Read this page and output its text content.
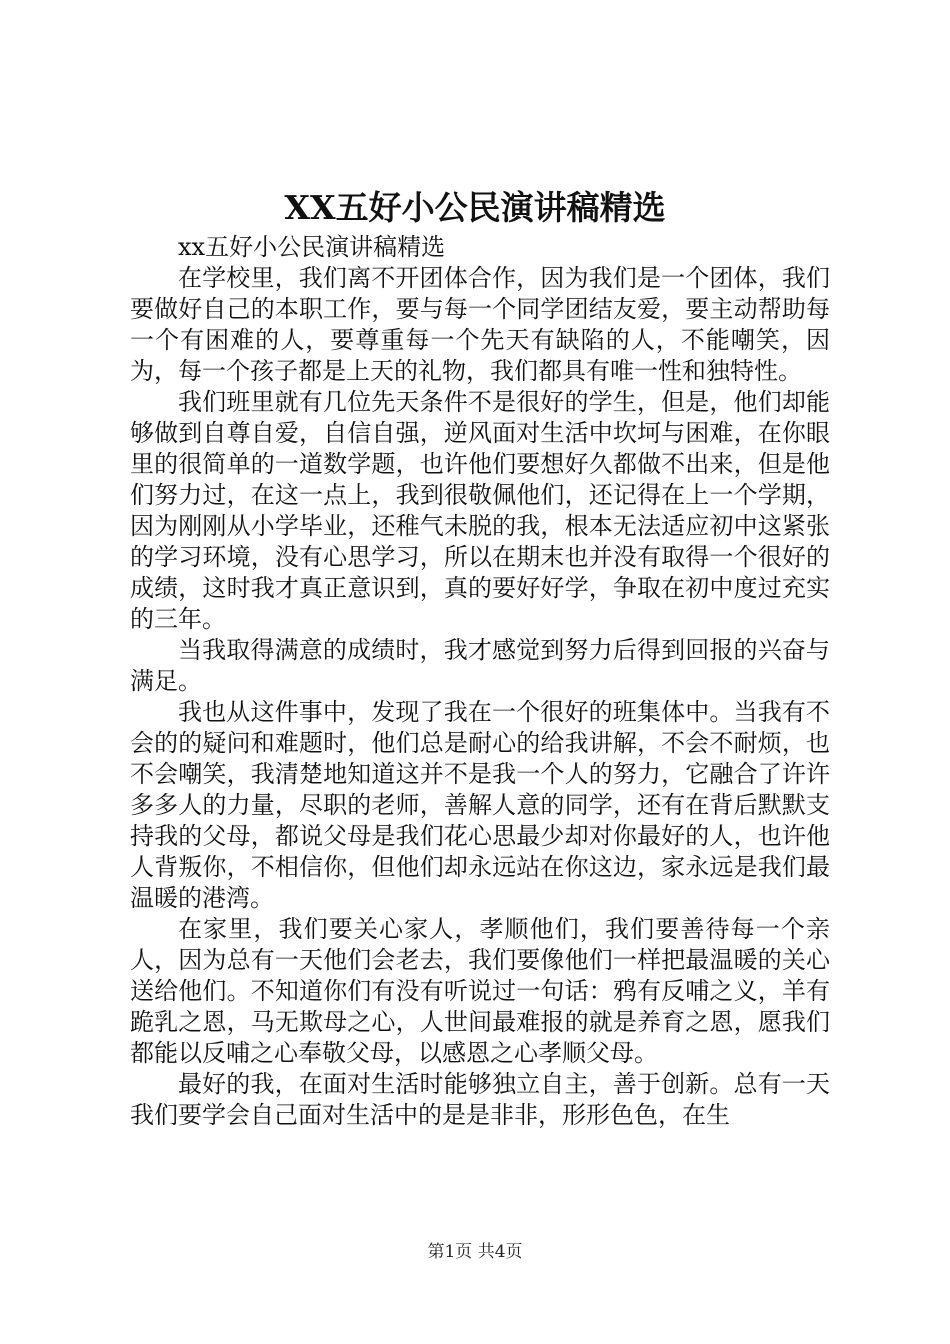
XX五好小公民演讲稿精选

xx五好小公民演讲稿精选

在学校里，我们离不开团体合作，因为我们是一个团体，我们要做好自己的本职工作，要与每一个同学团结友爱，要主动帮助每一个有困难的人，要尊重每一个先天有缺陷的人，不能嘲笑，因为，每一个孩子都是上天的礼物，我们都具有唯一性和独特性。

我们班里就有几位先天条件不是很好的学生，但是，他们却能够做到自尊自爱，自信自强，逆风面对生活中坎坷与困难，在你眼里的很简单的一道数学题，也许他们要想好久都做不出来，但是他们努力过，在这一点上，我到很敬佩他们，还记得在上一个学期，因为刚刚从小学毕业，还稚气未脱的我，根本无法适应初中这紧张的学习环境，没有心思学习，所以在期末也并没有取得一个很好的成绩，这时我才真正意识到，真的要好好学，争取在初中度过充实的三年。

当我取得满意的成绩时，我才感觉到努力后得到回报的兴奋与满足。

我也从这件事中，发现了我在一个很好的班集体中。当我有不会的的疑问和难题时，他们总是耐心的给我讲解，不会不耐烦，也不会嘲笑，我清楚地知道这并不是我一个人的努力，它融合了许许多多人的力量，尽职的老师，善解人意的同学，还有在背后默默支持我的父母，都说父母是我们花心思最少却对你最好的人，也许他人背叛你，不相信你，但他们却永远站在你这边，家永远是我们最温暖的港湾。

在家里，我们要关心家人，孝顺他们，我们要善待每一个亲人，因为总有一天他们会老去，我们要像他们一样把最温暖的关心送给他们。不知道你们有没有听说过一句话：鸦有反哺之义，羊有跪乳之恩，马无欺母之心，人世间最难报的就是养育之恩，愿我们都能以反哺之心奉敬父母，以感恩之心孝顺父母。

最好的我，在面对生活时能够独立自主，善于创新。总有一天我们要学会自己面对生活中的是是非非，形形色色，在生

第1页 共4页
